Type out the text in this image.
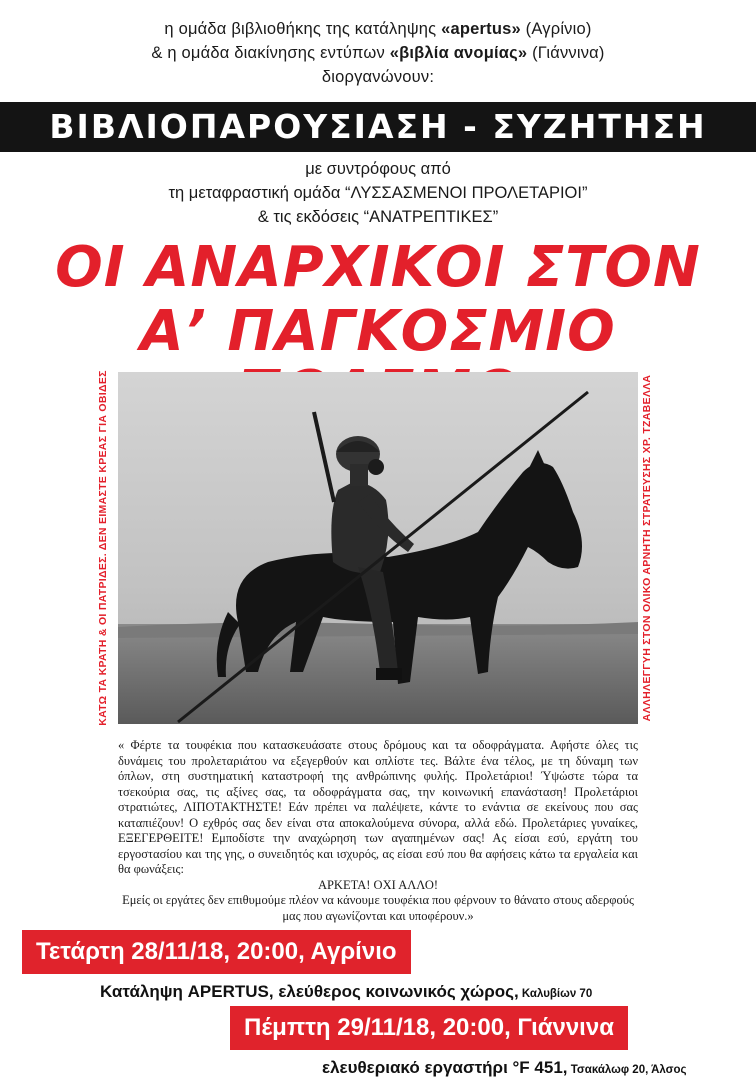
η ομάδα βιβλιοθήκης της κατάληψης «apertus» (Αγρίνιο)
& η ομάδα διακίνησης εντύπων «βιβλία ανομίας» (Γιάννινα)
διοργανώνουν:
ΒΙΒΛΙΟΠΑΡΟΥΣΙΑΣΗ - ΣΥΖΗΤΗΣΗ
με συντρόφους από
τη μεταφραστική ομάδα “ΛΥΣΣΑΣΜΕΝΟΙ ΠΡΟΛΕΤΑΡΙΟΙ”
& τις εκδόσεις “ΑΝΑΤΡΕΠΤΙΚΕΣ”
ΟΙ ΑΝΑΡΧΙΚΟΙ ΣΤΟΝ
Α’ ΠΑΓΚΟΣΜΙΟ
ΚΑΤΩ ΤΑ ΚΡΑΤΗ & ΟΙ ΠΑΤΡΙΔΕΣ. ΔΕΝ ΕΙΜΑΣΤΕ ΚΡΕΑΣ ΓΙΑ ΟΒΙΔΕΣ	ΑΛΛΗΛΕΓΓΥΗ ΣΤΟΝ ΟΛΙΚΟ ΑΡΝΗΤΗ ΣΤΡΑΤΕΥΣΗΣ ΧΡ. ΤΖΑΒΕΛΛΑ

« Φέρτε τα τουφέκια που κατασκευάσατε στους δρόμους και τα οδοφράγματα. Αφήστε όλες τις δυνάμεις του προλεταριάτου να εξεγερθούν και οπλίστε τες. Βάλτε ένα τέλος, με τη δύναμη των όπλων, στη συστηματική καταστροφή της ανθρώπινης φυλής. Προλετάριοι! Ύψώστε τώρα τα τσεκούρια σας, τις αξίνες σας, τα οδοφράγματα σας, την κοινωνική επανάσταση! Προλετάριοι στρατιώτες, ΛΙΠΟΤΑΚΤΗΣΤΕ! Εάν πρέπει να παλέψετε, κάντε το ενάντια σε εκείνους που σας καταπιέζουν! Ο εχθρός σας δεν είναι στα αποκαλούμενα σύνορα, αλλά εδώ. Προλετάριες γυναίκες, ΕΞΕΓΕΡΘΕΙΤΕ! Εμποδίστε την αναχώρηση των αγαπημένων σας! Ας είσαι εσύ, εργάτη του εργοστασίου και της γης, ο συνειδητός και ισχυρός, ας είσαι εσύ που θα αφήσεις κάτω τα εργαλεία και θα φωνάξεις:

ΑΡΚΕΤΑ! ΟΧΙ ΑΛΛΟ!

Εμείς οι εργάτες δεν επιθυμούμε πλέον να κάνουμε τουφέκια που φέρνουν το θάνατο στους αδερφούς μας που αγωνίζονται και υποφέρουν.»

Τετάρτη 28/11/18, 20:00, Αγρίνιο
Κατάληψη APERTUS, ελεύθερος κοινωνικός χώρος, Καλυβίων 70
Πέμπτη 29/11/18, 20:00, Γιάννινα
ελευθεριακό εργαστήρι °F 451, Τσακάλωφ 20, Άλσος
